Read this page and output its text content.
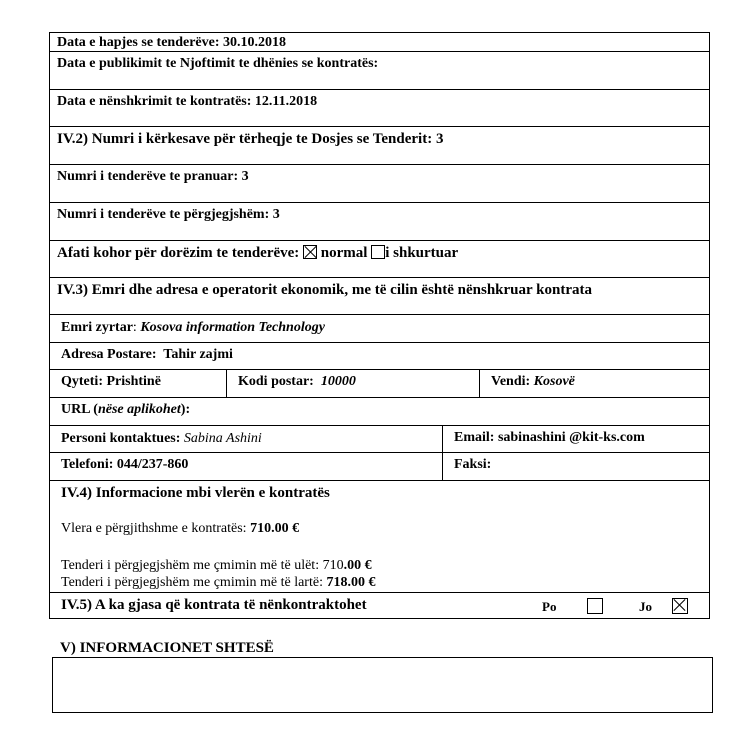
Data e hapjes se tenderëve: 30.10.2018
Data e publikimit te Njoftimit te dhënies se kontratës:
Data e nënshkrimit te kontratës: 12.11.2018
IV.2) Numri i kërkesave për tërheqje te Dosjes se Tenderit: 3
Numri i tenderëve te pranuar: 3
Numri i tenderëve te përgjegjshëm: 3
Afati kohor për dorëzim te tenderëve: normal i shkurtuar
IV.3) Emri dhe adresa e operatorit ekonomik, me të cilin është nënshkruar kontrata
Emri zyrtar: Kosova information Technology
Adresa Postare: Tahir zajmi
Qyteti: Prishtinë	Kodi postar: 10000	Vendi: Kosovë
URL (nëse aplikohet):
Personi kontaktues: Sabina Ashini	Email: sabinashini @kit-ks.com
Telefoni: 044/237-860	Faksi:
IV.4) Informacione mbi vlerën e kontratës
Vlera e përgjithshme e kontratës: 710.00 €
Tenderi i përgjegjshëm me çmimin më të ulët: 710.00 €
Tenderi i përgjegjshëm me çmimin më të lartë: 718.00 €
IV.5) A ka gjasa që kontrata të nënkontraktohet	Po	Jo
V) INFORMACIONET SHTESË
